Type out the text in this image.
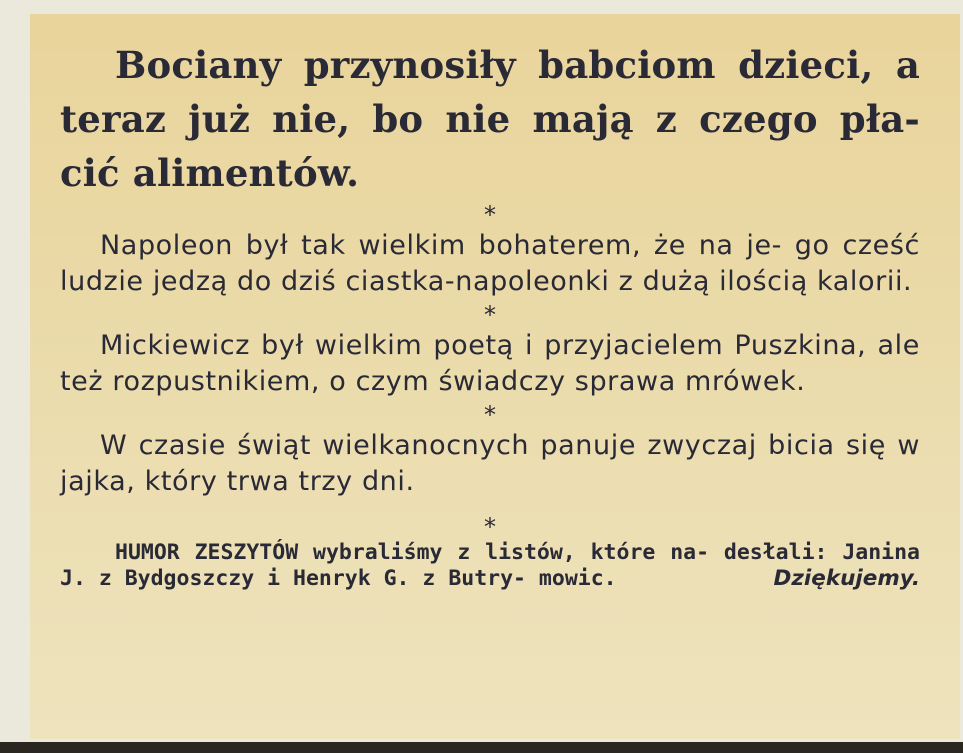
Bociany przynosiły babciom dzieci, a teraz już nie, bo nie mają z czego pła- cić alimentów.

*

Napoleon był tak wielkim bohaterem, że na je- go cześć ludzie jedzą do dziś ciastka-napoleonki z dużą ilością kalorii.

*

Mickiewicz był wielkim poetą i przyjacielem Puszkina, ale też rozpustnikiem, o czym świadczy sprawa mrówek.

*

W czasie świąt wielkanocnych panuje zwyczaj bicia się w jajka, który trwa trzy dni.

*

HUMOR ZESZYTÓW wybraliśmy z listów, które na- desłali: Janina J. z Bydgoszczy i Henryk G. z Butry- mowic.	Dziękujemy.
